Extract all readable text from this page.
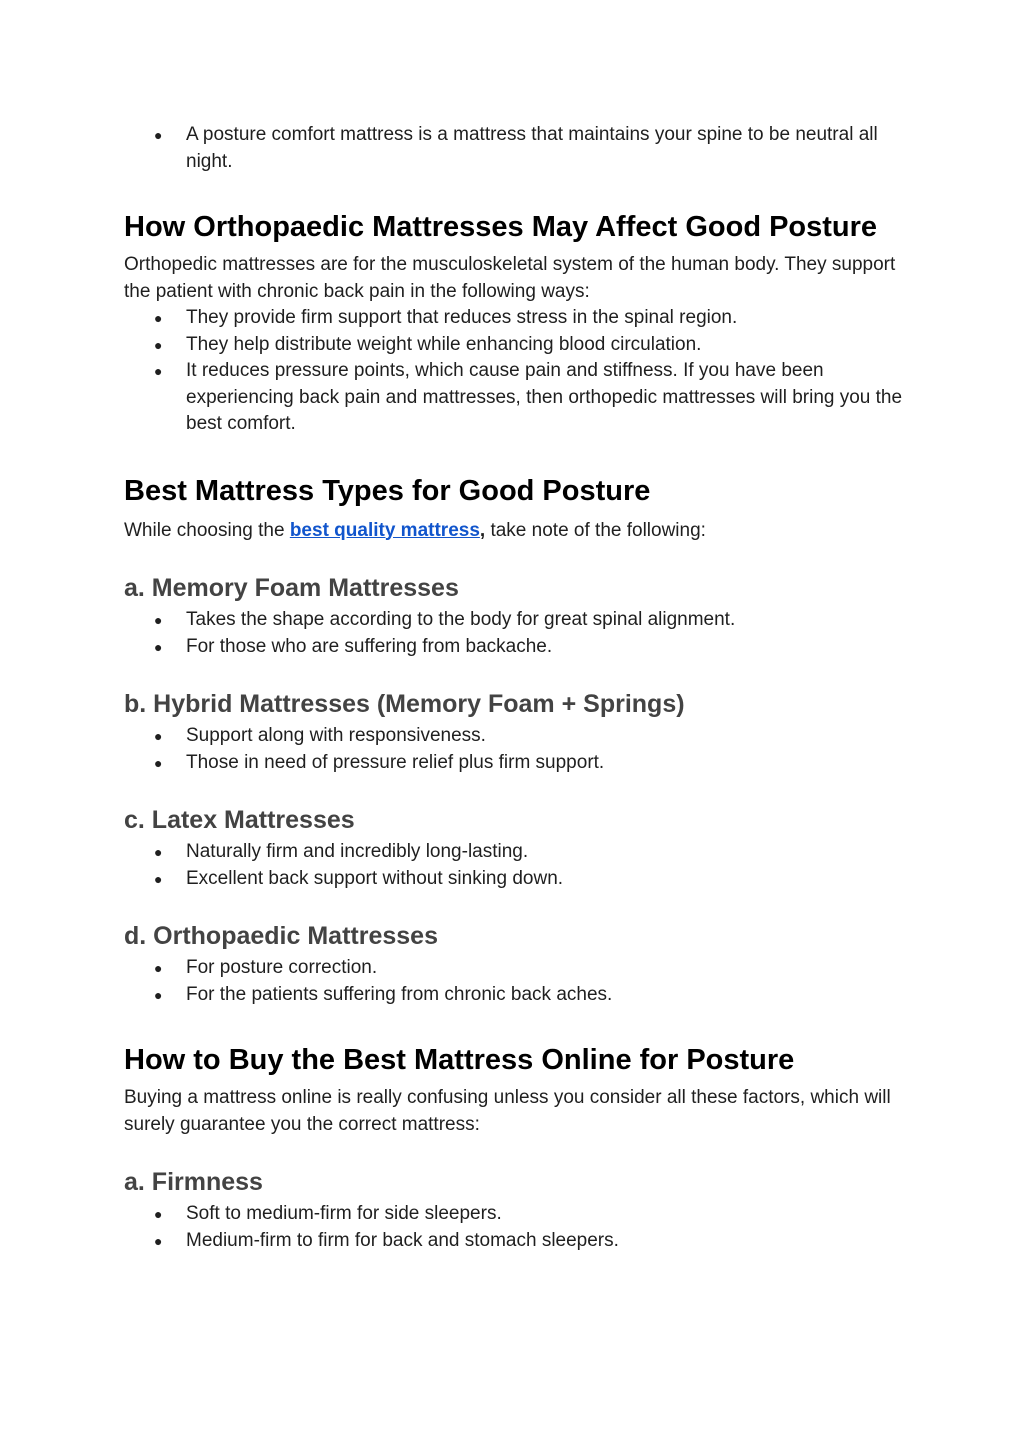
● A posture comfort mattress is a mattress that maintains your spine to be neutral all night.
How Orthopaedic Mattresses May Affect Good Posture

Orthopedic mattresses are for the musculoskeletal system of the human body. They support the patient with chronic back pain in the following ways:

● They provide firm support that reduces stress in the spinal region.
● They help distribute weight while enhancing blood circulation.
● It reduces pressure points, which cause pain and stiffness. If you have been experiencing back pain and mattresses, then orthopedic mattresses will bring you the best comfort.
Best Mattress Types for Good Posture

While choosing the best quality mattress, take note of the following:

a. Memory Foam Mattresses
● Takes the shape according to the body for great spinal alignment.
● For those who are suffering from backache.
b. Hybrid Mattresses (Memory Foam + Springs)
● Support along with responsiveness.
● Those in need of pressure relief plus firm support.
c. Latex Mattresses
● Naturally firm and incredibly long-lasting.
● Excellent back support without sinking down.
d. Orthopaedic Mattresses
● For posture correction.
● For the patients suffering from chronic back aches.
How to Buy the Best Mattress Online for Posture

Buying a mattress online is really confusing unless you consider all these factors, which will surely guarantee you the correct mattress:

a. Firmness
● Soft to medium-firm for side sleepers.
● Medium-firm to firm for back and stomach sleepers.
